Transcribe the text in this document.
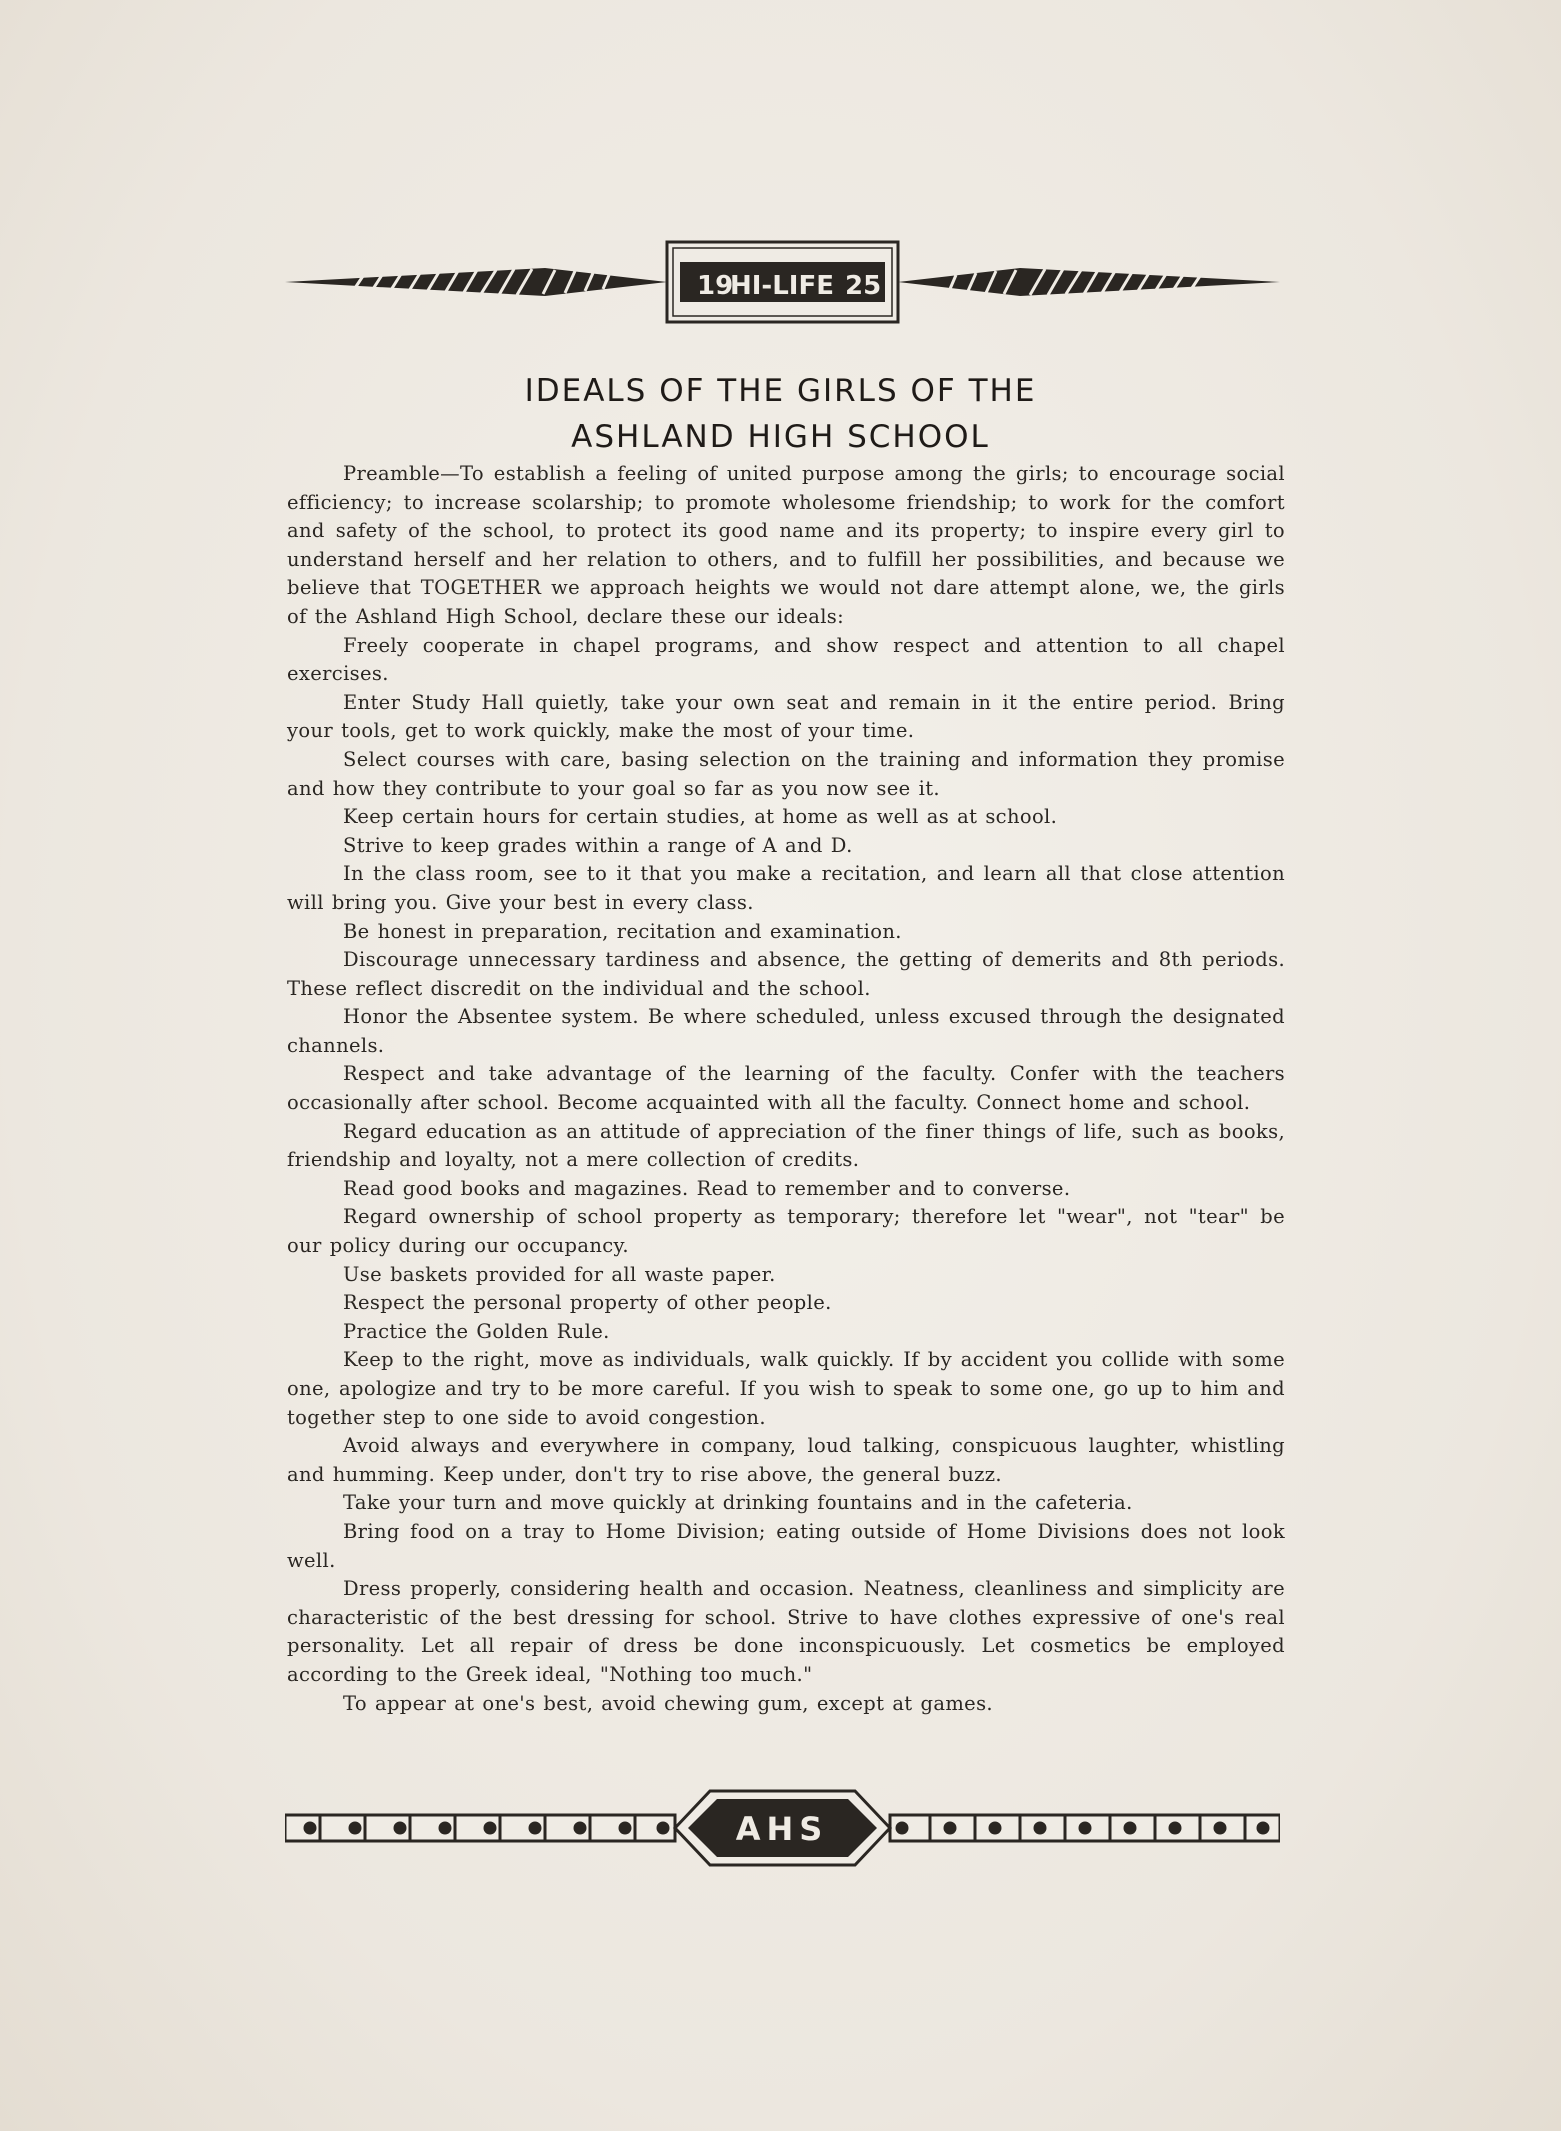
19
HI-LIFE 25
IDEALS OF THE GIRLS OF THE
ASHLAND HIGH SCHOOL

Preamble—To establish a feeling of united purpose among the girls; to encourage social efficiency; to increase scolarship; to promote wholesome friendship; to work for the comfort and safety of the school, to protect its good name and its property; to inspire every girl to understand herself and her relation to others, and to fulfill her possibilities, and because we believe that TOGETHER we approach heights we would not dare attempt alone, we, the girls of the Ashland High School, declare these our ideals:

Freely cooperate in chapel programs, and show respect and attention to all chapel exercises.

Enter Study Hall quietly, take your own seat and remain in it the entire period. Bring your tools, get to work quickly, make the most of your time.

Select courses with care, basing selection on the training and information they promise and how they contribute to your goal so far as you now see it.

Keep certain hours for certain studies, at home as well as at school.

Strive to keep grades within a range of A and D.

In the class room, see to it that you make a recitation, and learn all that close attention will bring you. Give your best in every class.

Be honest in preparation, recitation and examination.

Discourage unnecessary tardiness and absence, the getting of demerits and 8th periods. These reflect discredit on the individual and the school.

Honor the Absentee system. Be where scheduled, unless excused through the designated channels.

Respect and take advantage of the learning of the faculty. Confer with the teachers occasionally after school. Become acquainted with all the faculty. Connect home and school.

Regard education as an attitude of appreciation of the finer things of life, such as books, friendship and loyalty, not a mere collection of credits.

Read good books and magazines. Read to remember and to converse.

Regard ownership of school property as temporary; therefore let "wear", not "tear" be our policy during our occupancy.

Use baskets provided for all waste paper.

Respect the personal property of other people.

Practice the Golden Rule.

Keep to the right, move as individuals, walk quickly. If by accident you collide with some one, apologize and try to be more careful. If you wish to speak to some one, go up to him and together step to one side to avoid congestion.

Avoid always and everywhere in company, loud talking, conspicuous laughter, whistling and humming. Keep under, don't try to rise above, the general buzz.

Take your turn and move quickly at drinking fountains and in the cafeteria.

Bring food on a tray to Home Division; eating outside of Home Divisions does not look well.

Dress properly, considering health and occasion. Neatness, cleanliness and simplicity are characteristic of the best dressing for school. Strive to have clothes expressive of one's real personality. Let all repair of dress be done inconspicuously. Let cosmetics be employed according to the Greek ideal, "Nothing too much."

To appear at one's best, avoid chewing gum, except at games.

AHS
